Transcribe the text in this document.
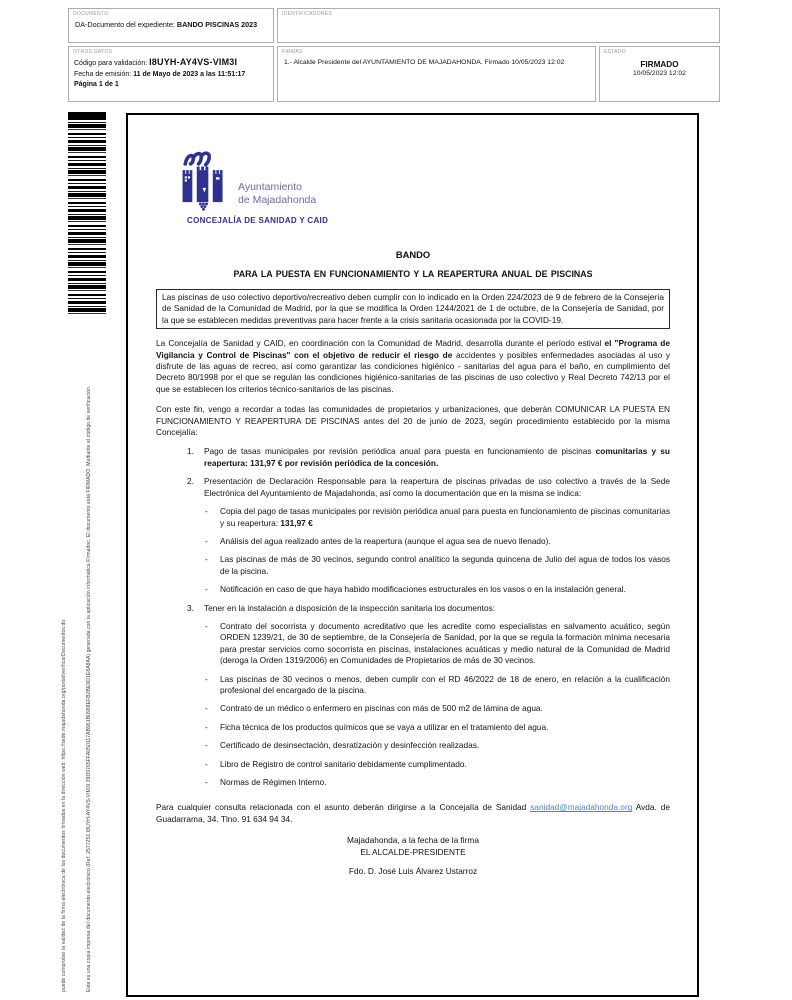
DOCUMENTO
DA-Documento del expediente: BANDO PISCINAS 2023
IDENTIFICADORES
OTROS DATOS
Código para validación: I8UYH-AY4VS-VIM3I
Fecha de emisión: 11 de Mayo de 2023 a las 11:51:17
Página 1 de 1
FIRMAS
1.- Alcalde Presidente del AYUNTAMIENTO DE MAJADAHONDA. Firmado 10/05/2023 12:02
ESTADO
FIRMADO
10/05/2023 12:02
Esta es una copia impresa del documento electrónico (Ref: 2577251 I8UYH-AY4VS-VIM3I 39D9765FFA050117AB961B0988EFB2BE9D1E8A8AA) generada con la aplicación informática Firmadoc. El documento está FIRMADO. Mediante el código de verificación
puede comprobar la validez de la firma electrónica de los documentos firmados en la dirección web: https://sede.majadahonda.org/portal/verificarDocumentos.do
Ayuntamiento
de Majadahonda
CONCEJALÍA DE SANIDAD Y CAID
BANDO
PARA LA PUESTA EN FUNCIONAMIENTO Y LA REAPERTURA ANUAL DE PISCINAS
Las piscinas de uso colectivo deportivo/recreativo deben cumplir con lo indicado en la Orden 224/2023 de 9 de febrero de la Consejería de Sanidad de la Comunidad de Madrid, por la que se modifica la Orden 1244/2021 de 1 de octubre, de la Consejería de Sanidad, por la que se establecen medidas preventivas para hacer frente a la crisis sanitaria ocasionada por la COVID-19.
La Concejalía de Sanidad y CAID, en coordinación con la Comunidad de Madrid, desarrolla durante el período estival el "Programa de Vigilancia y Control de Piscinas" con el objetivo de reducir el riesgo de accidentes y posibles enfermedades asociadas al uso y disfrute de las aguas de recreo, así como garantizar las condiciones higiénico - sanitarias del agua para el baño, en cumplimiento del Decreto 80/1998 por el que se regulan las condiciones higiénico-sanitarias de las piscinas de uso colectivo y Real Decreto 742/13 por el que se establecen los criterios técnico-sanitarios de las piscinas.
Con este fin, vengo a recordar a todas las comunidades de propietarios y urbanizaciones, que deberán COMUNICAR LA PUESTA EN FUNCIONAMIENTO Y REAPERTURA DE PISCINAS antes del 20 de junio de 2023, según procedimiento establecido por la misma Concejalía:
1.	Pago de tasas municipales por revisión periódica anual para puesta en funcionamiento de piscinas comunitarias y su reapertura: 131,97 € por revisión periódica de la concesión.
2.	Presentación de Declaración Responsable para la reapertura de piscinas privadas de uso colectivo a través de la Sede Electrónica del Ayuntamiento de Majadahonda, así como la documentación que en la misma se indica:
-	Copia del pago de tasas municipales por revisión periódica anual para puesta en funcionamiento de piscinas comunitarias y su reapertura: 131,97 €
-	Análisis del agua realizado antes de la reapertura (aunque el agua sea de nuevo llenado).
-	Las piscinas de más de 30 vecinos, segundo control analítico la segunda quincena de Julio del agua de todos los vasos de la piscina.
-	Notificación en caso de que haya habido modificaciones estructurales en los vasos o en la instalación general.
3.	Tener en la instalación a disposición de la inspección sanitaria los documentos:
-	Contrato del socorrista y documento acreditativo que les acredite como especialistas en salvamento acuático, según ORDEN 1239/21, de 30 de septiembre, de la Consejería de Sanidad, por la que se regula la formación mínima necesaria para prestar servicios como socorrista en piscinas, instalaciones acuáticas y medio natural de la Comunidad de Madrid (deroga la Orden 1319/2006) en Comunidades de Propietarios de más de 30 vecinos.
-	Las piscinas de 30 vecinos o menos, deben cumplir con el RD 46/2022 de 18 de enero, en relación a la cualificación profesional del encargado de la piscina.
-	Contrato de un médico o enfermero en piscinas con más de 500 m2 de lámina de agua.
-	Ficha técnica de los productos químicos que se vaya a utilizar en el tratamiento del agua.
-	Certificado de desinsectación, desratización y desinfección realizadas.
-	Libro de Registro de control sanitario debidamente cumplimentado.
-	Normas de Régimen Interno.
Para cualquier consulta relacionada con el asunto deberán dirigirse a la Concejalía de Sanidad sanidad@majadahonda.org Avda. de Guadarrama, 34. Tlno. 91 634 94 34.
Majadahonda, a la fecha de la firma
EL ALCALDE-PRESIDENTE
Fdo. D. José Luis Álvarez Ustarroz
